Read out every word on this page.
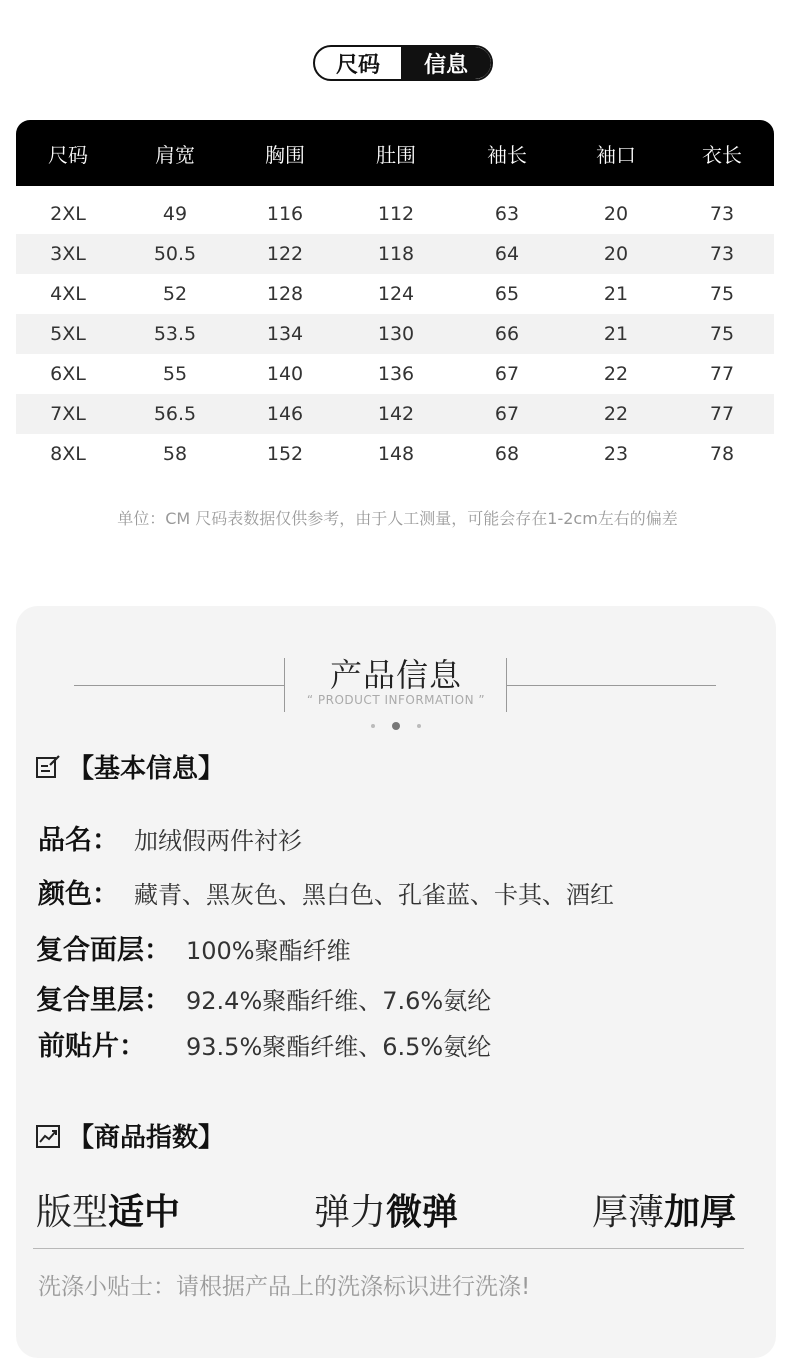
尺码	信息
尺码	肩宽	胸围	肚围	袖长	袖口	衣长
2XL	49	116	112	63	20	73
3XL	50.5	122	118	64	20	73
4XL	52	128	124	65	21	75
5XL	53.5	134	130	66	21	75
6XL	55	140	136	67	22	77
7XL	56.5	146	142	67	22	77
8XL	58	152	148	68	23	78
单位：CM 尺码表数据仅供参考，由于人工测量，可能会存在1-2cm左右的偏差
产品信息
“ PRODUCT INFORMATION ”
【基本信息】
品名： 加绒假两件衬衫
颜色： 藏青、黑灰色、黑白色、孔雀蓝、卡其、酒红
复合面层： 100%聚酯纤维
复合里层： 92.4%聚酯纤维、7.6%氨纶
前贴片：	93.5%聚酯纤维、6.5%氨纶
【商品指数】
版型适中	弹力微弹	厚薄加厚
洗涤小贴士：请根据产品上的洗涤标识进行洗涤!
